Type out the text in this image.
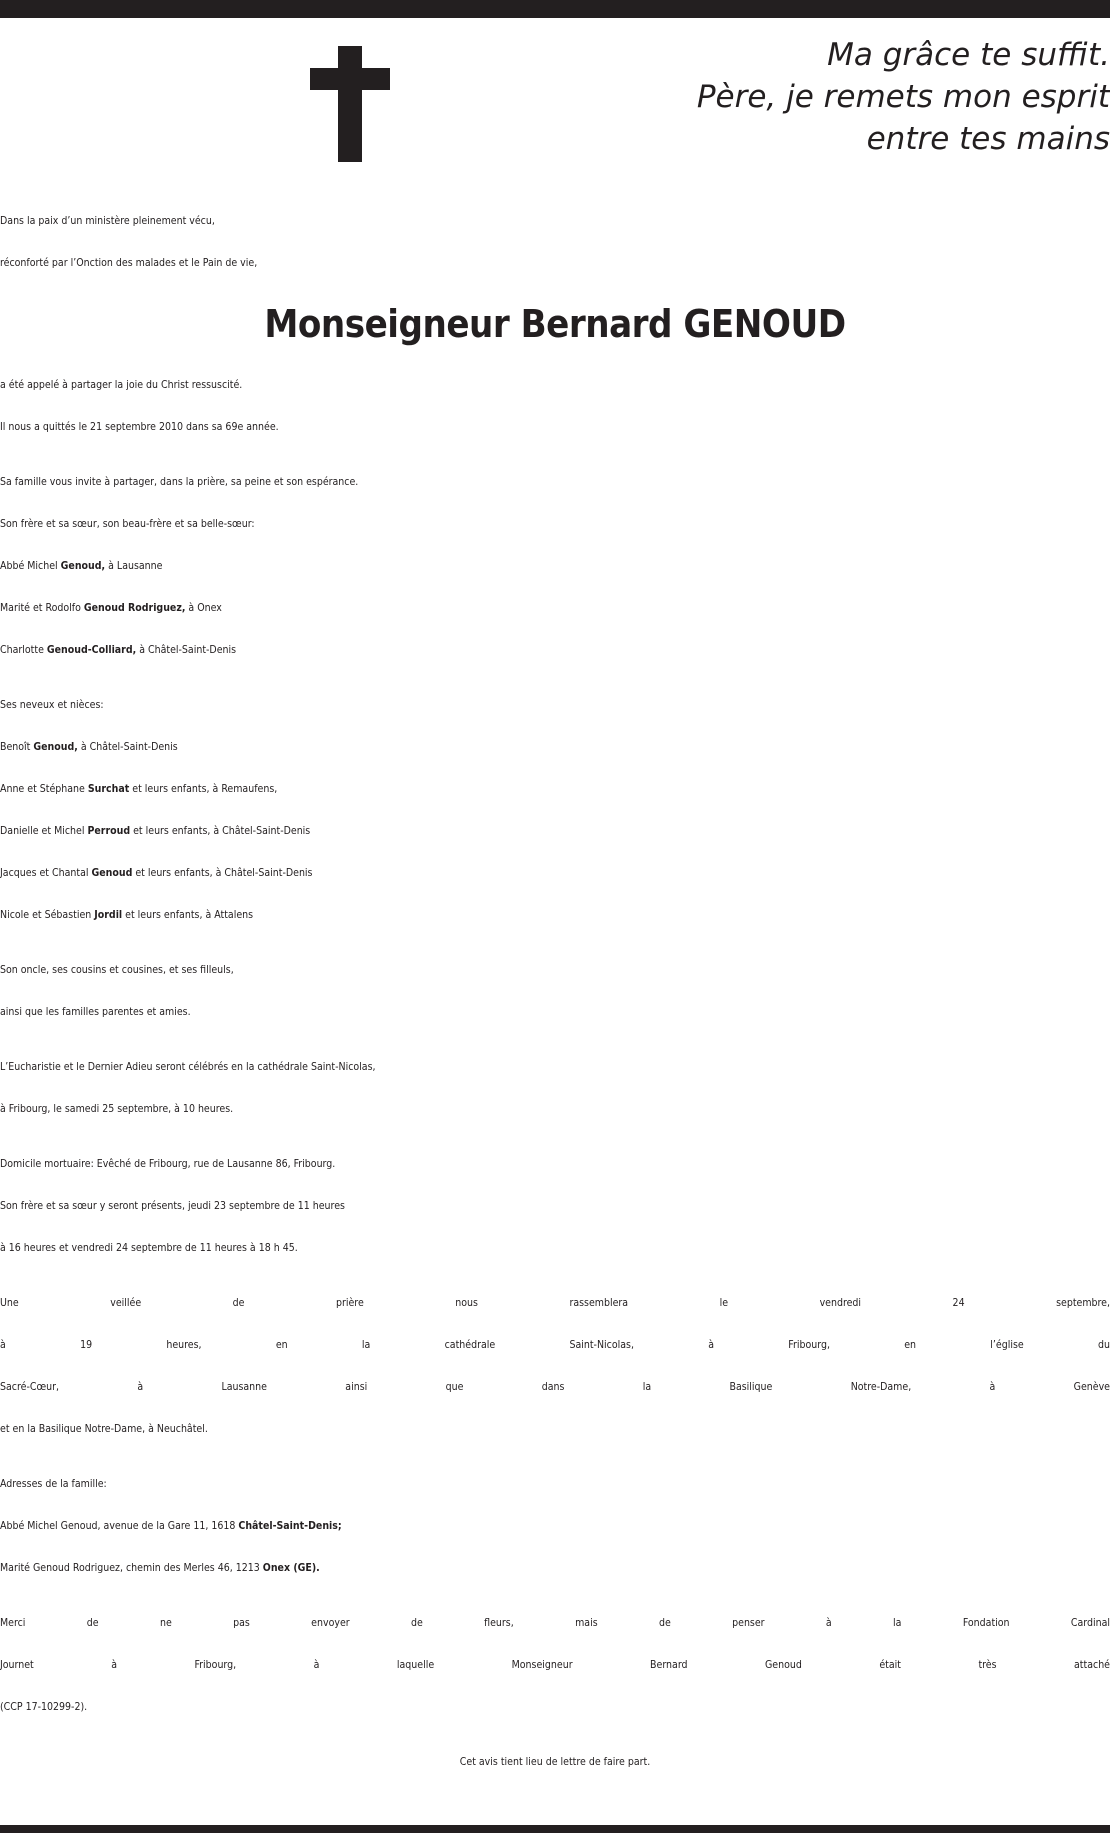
Ma grâce te suffit.
Père, je remets mon esprit
entre tes mains
Dans la paix d’un ministère pleinement vécu,
réconforté par l’Onction des malades et le Pain de vie,
Monseigneur Bernard GENOUD
a été appelé à partager la joie du Christ ressuscité.
Il nous a quittés le 21 septembre 2010 dans sa 69e année.
Sa famille vous invite à partager, dans la prière, sa peine et son espérance.
Son frère et sa sœur, son beau-frère et sa belle-sœur:
Abbé Michel Genoud, à Lausanne
Marité et Rodolfo Genoud Rodriguez, à Onex
Charlotte Genoud-Colliard, à Châtel-Saint-Denis
Ses neveux et nièces:
Benoît Genoud, à Châtel-Saint-Denis
Anne et Stéphane Surchat et leurs enfants, à Remaufens,
Danielle et Michel Perroud et leurs enfants, à Châtel-Saint-Denis
Jacques et Chantal Genoud et leurs enfants, à Châtel-Saint-Denis
Nicole et Sébastien Jordil et leurs enfants, à Attalens
Son oncle, ses cousins et cousines, et ses filleuls,
ainsi que les familles parentes et amies.
L’Eucharistie et le Dernier Adieu seront célébrés en la cathédrale Saint-Nicolas,
à Fribourg, le samedi 25 septembre, à 10 heures.
Domicile mortuaire: Evêché de Fribourg, rue de Lausanne 86, Fribourg.
Son frère et sa sœur y seront présents, jeudi 23 septembre de 11 heures
à 16 heures et vendredi 24 septembre de 11 heures à 18 h 45.
Une veillée de prière nous rassemblera le vendredi 24 septembre,
à 19 heures, en la cathédrale Saint-Nicolas, à Fribourg, en l’église du
Sacré-Cœur, à Lausanne ainsi que dans la Basilique Notre-Dame, à Genève
et en la Basilique Notre-Dame, à Neuchâtel.
Adresses de la famille:
Abbé Michel Genoud, avenue de la Gare 11, 1618 Châtel-Saint-Denis;
Marité Genoud Rodriguez, chemin des Merles 46, 1213 Onex (GE).
Merci de ne pas envoyer de fleurs, mais de penser à la Fondation Cardinal
Journet à Fribourg, à laquelle Monseigneur Bernard Genoud était très attaché
(CCP 17-10299-2).
Cet avis tient lieu de lettre de faire part.
